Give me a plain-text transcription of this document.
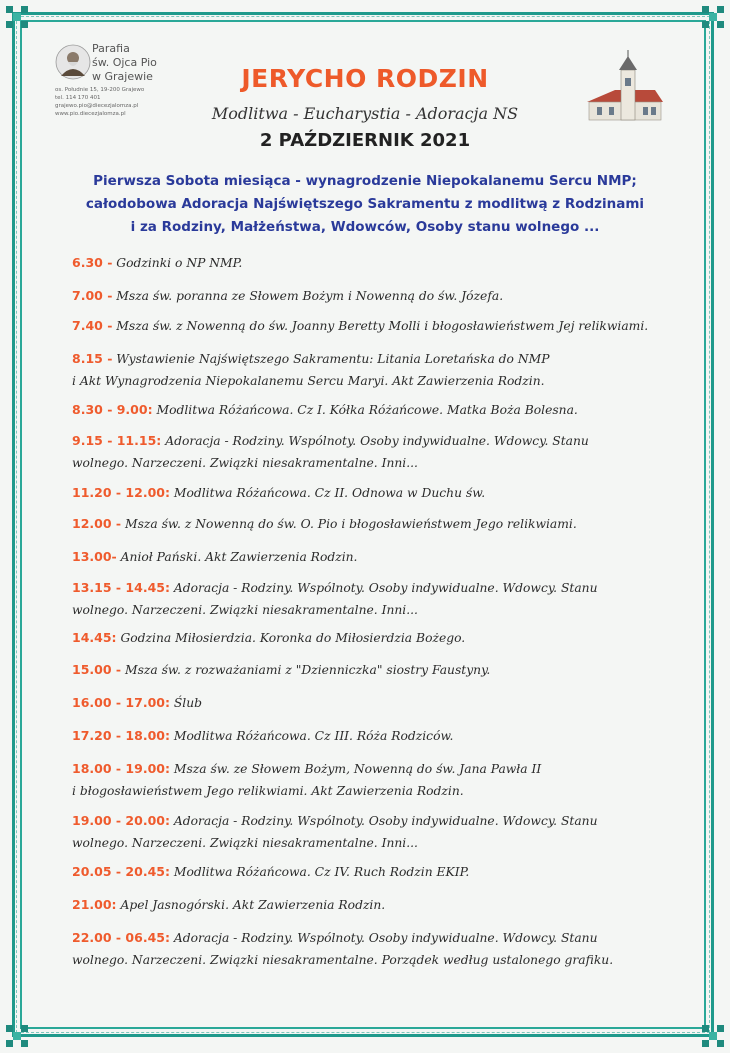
Parafia
św. Ojca Pio
w Grajewie
os. Południe 15, 19-200 Grajewo
tel. 114 170 401
grajewo.pio@diecezjalomza.pl
www.pio.diecezjalomza.pl
JERYCHO RODZIN
Modlitwa - Eucharystia - Adoracja NS
2 PAŹDZIERNIK 2021
Pierwsza Sobota miesiąca - wynagrodzenie Niepokalanemu Sercu NMP;
całodobowa Adoracja Najświętszego Sakramentu z modlitwą z Rodzinami
i za Rodziny, Małżeństwa, Wdowców, Osoby stanu wolnego ...
6.30 - Godzinki o NP NMP.
7.00 - Msza św. poranna ze Słowem Bożym i Nowenną do św. Józefa.
7.40 - Msza św. z Nowenną do św. Joanny Beretty Molli i błogosławieństwem Jej relikwiami.
8.15 - Wystawienie Najświętszego Sakramentu: Litania Loretańska do NMP
i Akt Wynagrodzenia Niepokalanemu Sercu Maryi. Akt Zawierzenia Rodzin.
8.30 - 9.00: Modlitwa Różańcowa. Cz I. Kółka Różańcowe. Matka Boża Bolesna.
9.15 - 11.15: Adoracja - Rodziny. Wspólnoty. Osoby indywidualne. Wdowcy. Stanu
wolnego. Narzeczeni. Związki niesakramentalne. Inni...
11.20 - 12.00: Modlitwa Różańcowa. Cz II. Odnowa w Duchu św.
12.00 - Msza św. z Nowenną do św. O. Pio i błogosławieństwem Jego relikwiami.
13.00- Anioł Pański. Akt Zawierzenia Rodzin.
13.15 - 14.45: Adoracja - Rodziny. Wspólnoty. Osoby indywidualne. Wdowcy. Stanu
wolnego. Narzeczeni. Związki niesakramentalne. Inni...
14.45: Godzina Miłosierdzia. Koronka do Miłosierdzia Bożego.
15.00 - Msza św. z rozważaniami z "Dzienniczka" siostry Faustyny.
16.00 - 17.00: Ślub
17.20 - 18.00: Modlitwa Różańcowa. Cz III. Róża Rodziców.
18.00 - 19.00: Msza św. ze Słowem Bożym, Nowenną do św. Jana Pawła II
i błogosławieństwem Jego relikwiami. Akt Zawierzenia Rodzin.
19.00 - 20.00: Adoracja - Rodziny. Wspólnoty. Osoby indywidualne. Wdowcy. Stanu
wolnego. Narzeczeni. Związki niesakramentalne. Inni...
20.05 - 20.45: Modlitwa Różańcowa. Cz IV. Ruch Rodzin EKIP.
21.00: Apel Jasnogórski. Akt Zawierzenia Rodzin.
22.00 - 06.45: Adoracja - Rodziny. Wspólnoty. Osoby indywidualne. Wdowcy. Stanu
wolnego. Narzeczeni. Związki niesakramentalne. Porządek według ustalonego grafiku.
